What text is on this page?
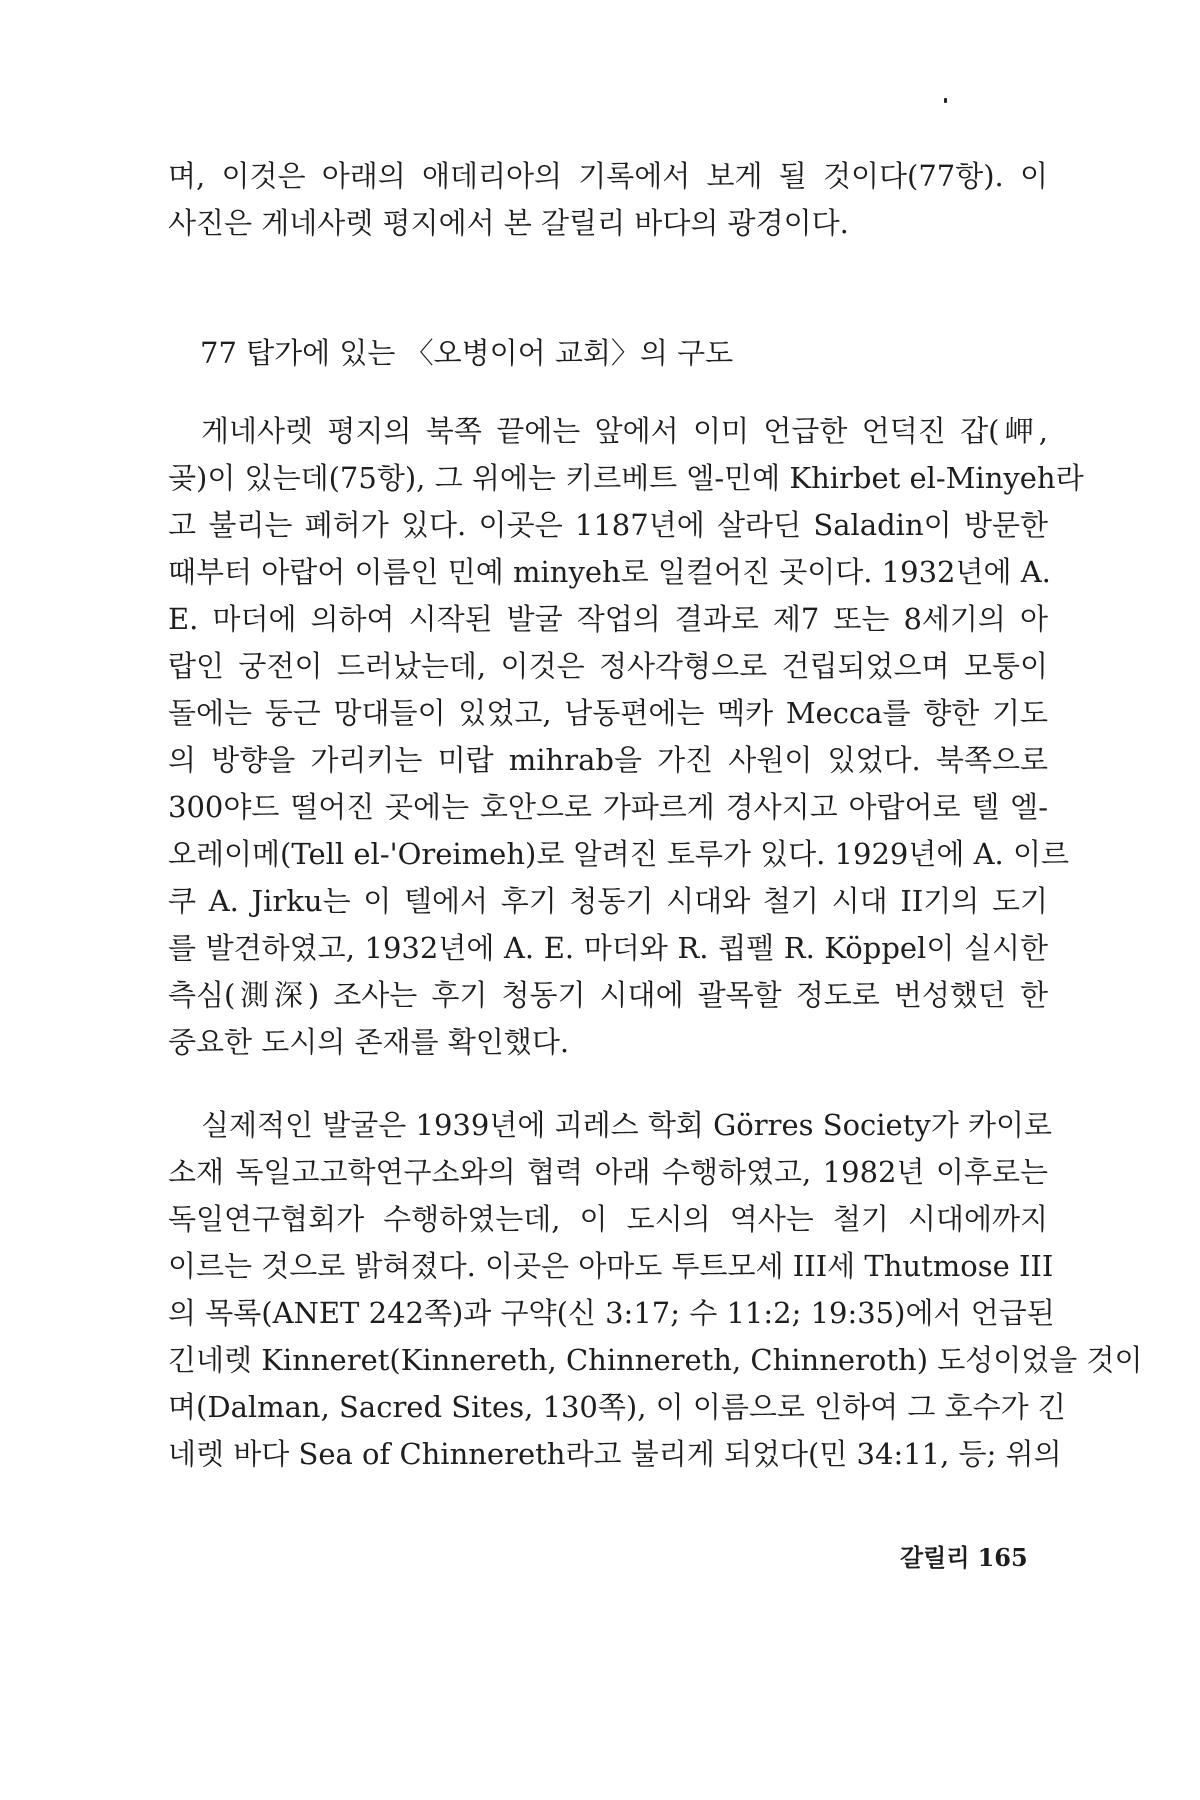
며, 이것은 아래의 애데리아의 기록에서 보게 될 것이다(77항). 이
사진은 게네사렛 평지에서 본 갈릴리 바다의 광경이다.
77 탑가에 있는 〈오병이어 교회〉의 구도
게네사렛 평지의 북쪽 끝에는 앞에서 이미 언급한 언덕진 갑(岬,
곶)이 있는데(75항), 그 위에는 키르베트 엘-민예 Khirbet el-Minyeh라
고 불리는 폐허가 있다. 이곳은 1187년에 살라딘 Saladin이 방문한
때부터 아랍어 이름인 민예 minyeh로 일컬어진 곳이다. 1932년에 A.
E. 마더에 의하여 시작된 발굴 작업의 결과로 제7 또는 8세기의 아
랍인 궁전이 드러났는데, 이것은 정사각형으로 건립되었으며 모퉁이
돌에는 둥근 망대들이 있었고, 남동편에는 멕카 Mecca를 향한 기도
의 방향을 가리키는 미랍 mihrab을 가진 사원이 있었다. 북쪽으로
300야드 떨어진 곳에는 호안으로 가파르게 경사지고 아랍어로 텔 엘-
오레이메(Tell el-'Oreimeh)로 알려진 토루가 있다. 1929년에 A. 이르
쿠 A. Jirku는 이 텔에서 후기 청동기 시대와 철기 시대 II기의 도기
를 발견하였고, 1932년에 A. E. 마더와 R. 쾹펠 R. Köppel이 실시한
측심(測深) 조사는 후기 청동기 시대에 괄목할 정도로 번성했던 한
중요한 도시의 존재를 확인했다.
실제적인 발굴은 1939년에 괴레스 학회 Görres Society가 카이로
소재 독일고고학연구소와의 협력 아래 수행하였고, 1982년 이후로는
독일연구협회가 수행하였는데, 이 도시의 역사는 철기 시대에까지
이르는 것으로 밝혀졌다. 이곳은 아마도 투트모세 III세 Thutmose III
의 목록(ANET 242쪽)과 구약(신 3:17; 수 11:2; 19:35)에서 언급된
긴네렛 Kinneret(Kinnereth, Chinnereth, Chinneroth) 도성이었을 것이
며(Dalman, Sacred Sites, 130쪽), 이 이름으로 인하여 그 호수가 긴
네렛 바다 Sea of Chinnereth라고 불리게 되었다(민 34:11, 등; 위의
갈릴리 165
